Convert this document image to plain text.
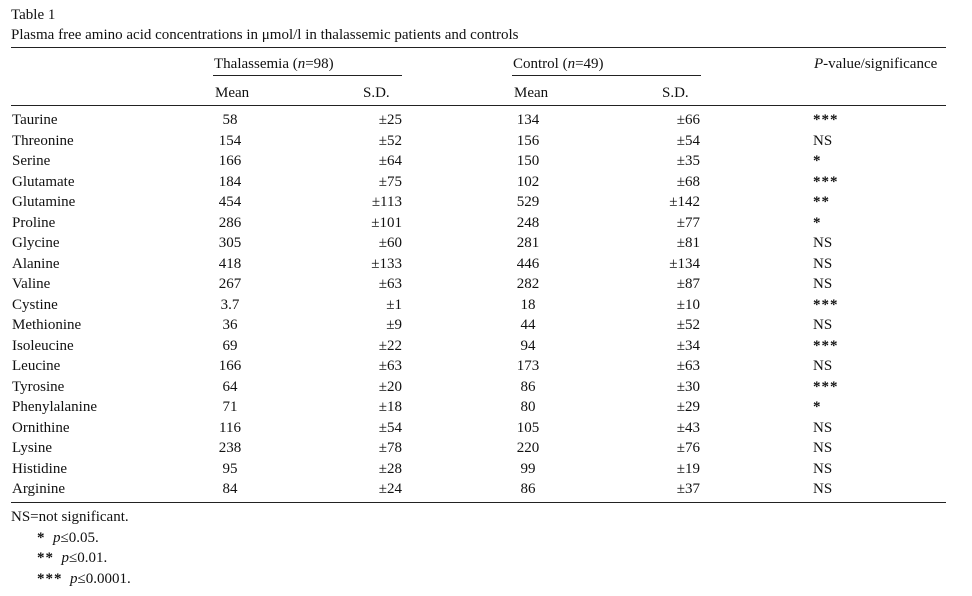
Table 1
Plasma free amino acid concentrations in μmol/l in thalassemic patients and controls
Thalassemia (n=98)	Control (n=49)	P-value/significance
Mean	S.D.	Mean	S.D.
Taurine	58	±25	134	±66	***
Threonine	154	±52	156	±54	NS
Serine	166	±64	150	±35	*
Glutamate	184	±75	102	±68	***
Glutamine	454	±113	529	±142	**
Proline	286	±101	248	±77	*
Glycine	305	±60	281	±81	NS
Alanine	418	±133	446	±134	NS
Valine	267	±63	282	±87	NS
Cystine	3.7	±1	18	±10	***
Methionine	36	±9	44	±52	NS
Isoleucine	69	±22	94	±34	***
Leucine	166	±63	173	±63	NS
Tyrosine	64	±20	86	±30	***
Phenylalanine	71	±18	80	±29	*
Ornithine	116	±54	105	±43	NS
Lysine	238	±78	220	±76	NS
Histidine	95	±28	99	±19	NS
Arginine	84	±24	86	±37	NS
NS=not significant.
* p≤0.05.
** p≤0.01.
*** p≤0.0001.
